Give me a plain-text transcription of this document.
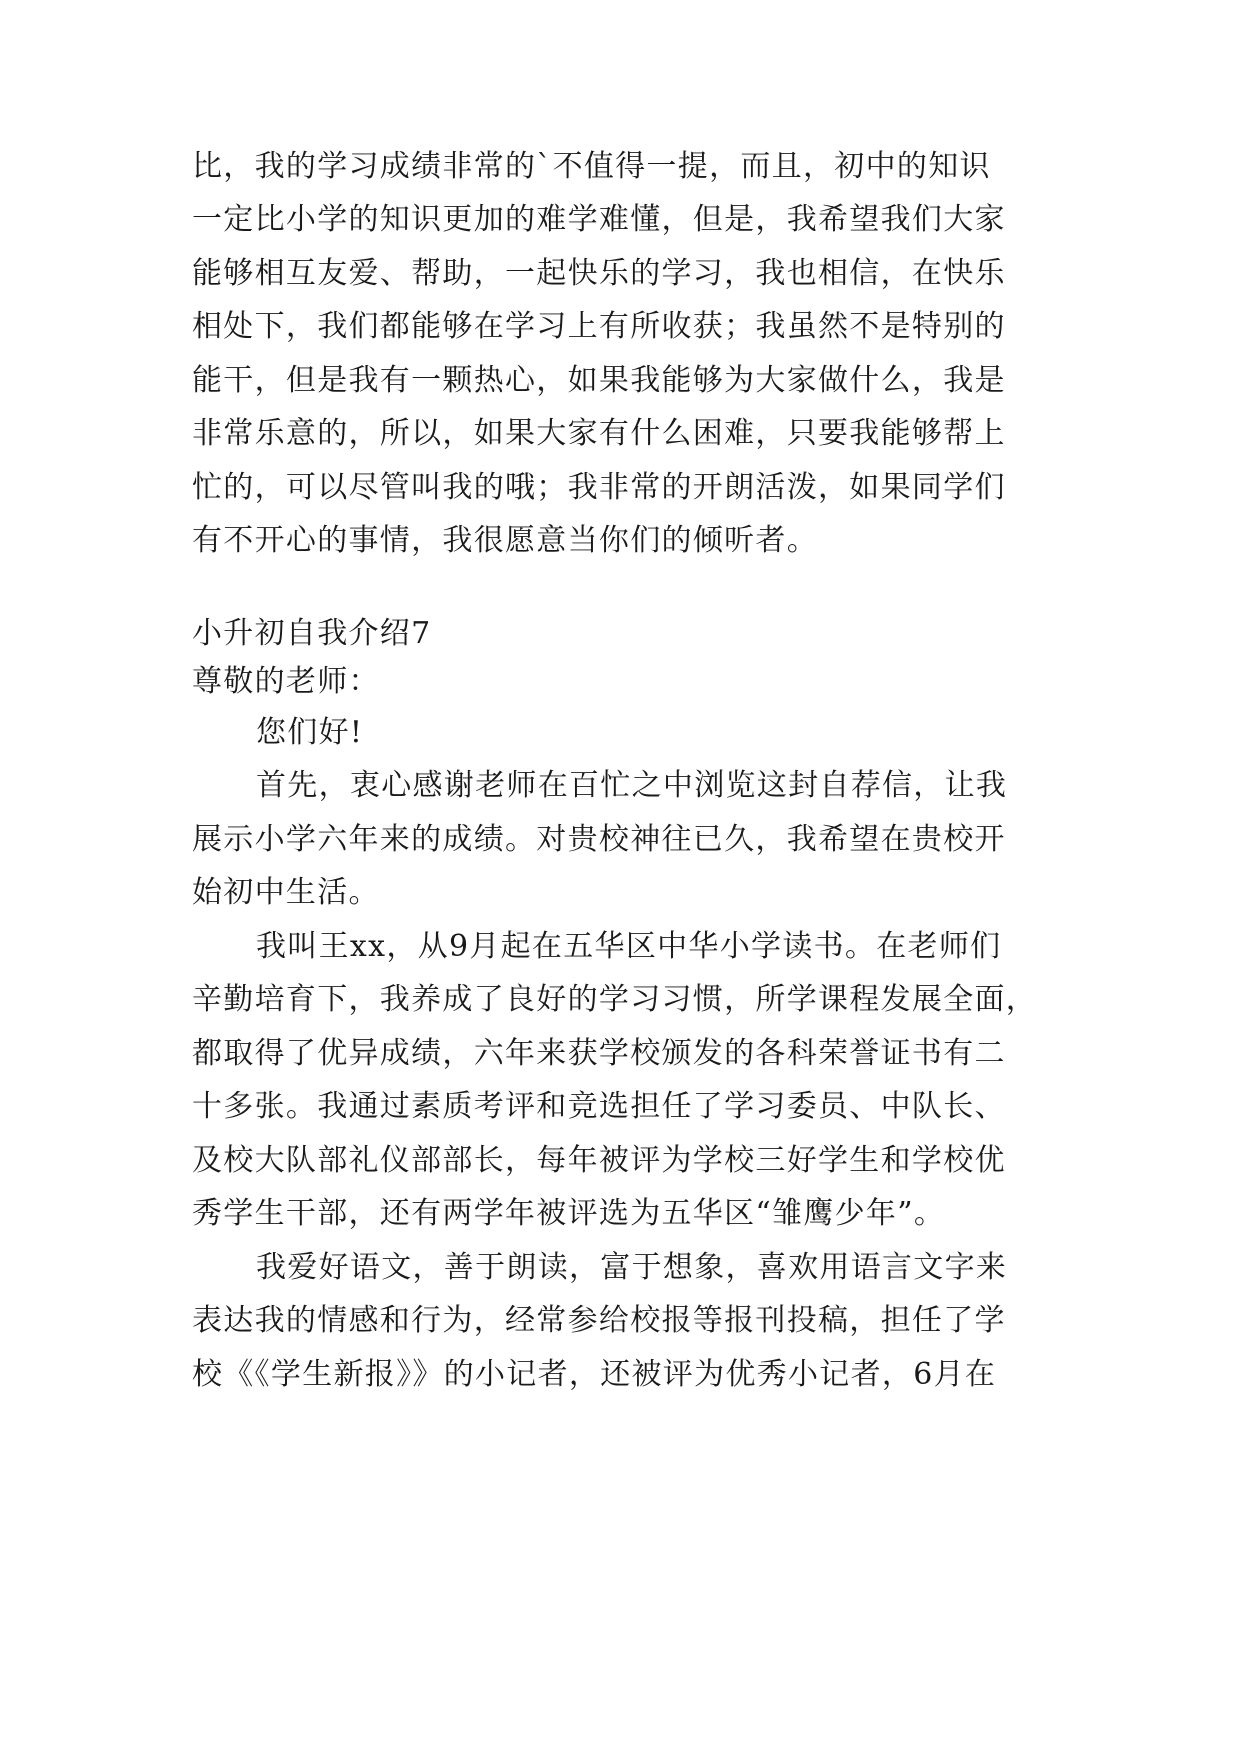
比，我的学习成绩非常的`不值得一提，而且，初中的知识
一定比小学的知识更加的难学难懂，但是，我希望我们大家
能够相互友爱、帮助，一起快乐的学习，我也相信，在快乐
相处下，我们都能够在学习上有所收获；我虽然不是特别的
能干，但是我有一颗热心，如果我能够为大家做什么，我是
非常乐意的，所以，如果大家有什么困难，只要我能够帮上
忙的，可以尽管叫我的哦；我非常的开朗活泼，如果同学们
有不开心的事情，我很愿意当你们的倾听者。
小升初自我介绍7
尊敬的老师：
您们好!
首先，衷心感谢老师在百忙之中浏览这封自荐信，让我
展示小学六年来的成绩。对贵校神往已久，我希望在贵校开
始初中生活。
我叫王xx，从9月起在五华区中华小学读书。在老师们
辛勤培育下，我养成了良好的学习习惯，所学课程发展全面，
都取得了优异成绩，六年来获学校颁发的各科荣誉证书有二
十多张。我通过素质考评和竞选担任了学习委员、中队长、
及校大队部礼仪部部长，每年被评为学校三好学生和学校优
秀学生干部，还有两学年被评选为五华区“雏鹰少年”。
我爱好语文，善于朗读，富于想象，喜欢用语言文字来
表达我的情感和行为，经常参给校报等报刊投稿，担任了学
校《《学生新报》》的小记者，还被评为优秀小记者，6月在
